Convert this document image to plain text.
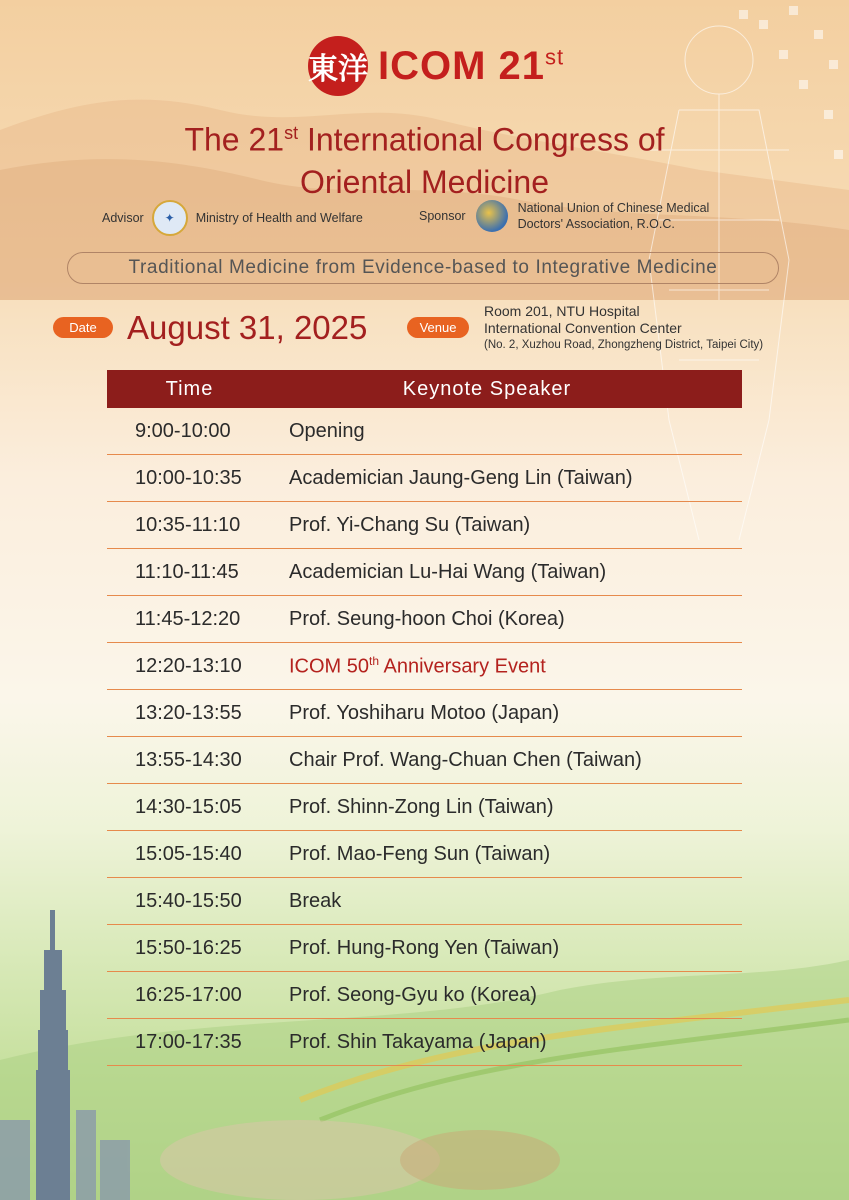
東洋 ICOM 21st
The 21st International Congress of
Oriental Medicine
Advisor	✦	Ministry of Health and Welfare	Sponsor
National Union of Chinese Medical
Doctors' Association, R.O.C.
Traditional Medicine from Evidence-based to Integrative Medicine
Date August 31, 2025	Venue
Room 201, NTU Hospital
International Convention Center
(No. 2, Xuzhou Road, Zhongzheng District, Taipei City)
Time	Keynote Speaker
9:00-10:00	Opening
10:00-10:35	Academician Jaung-Geng Lin (Taiwan)
10:35-11:10	Prof. Yi-Chang Su (Taiwan)
11:10-11:45	Academician Lu-Hai Wang (Taiwan)
11:45-12:20	Prof. Seung-hoon Choi (Korea)
12:20-13:10	ICOM 50th Anniversary Event
13:20-13:55	Prof. Yoshiharu Motoo (Japan)
13:55-14:30	Chair Prof. Wang-Chuan Chen (Taiwan)
14:30-15:05	Prof. Shinn-Zong Lin (Taiwan)
15:05-15:40	Prof. Mao-Feng Sun (Taiwan)
15:40-15:50	Break
15:50-16:25	Prof. Hung-Rong Yen (Taiwan)
16:25-17:00	Prof. Seong-Gyu ko (Korea)
17:00-17:35	Prof. Shin Takayama (Japan)
